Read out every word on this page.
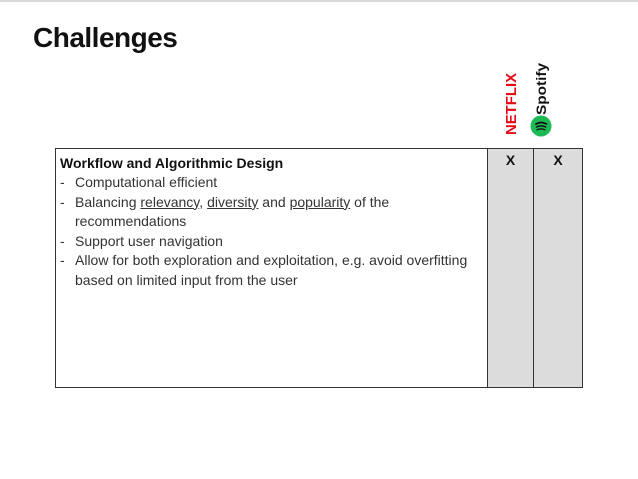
Challenges
NETFLIX Spotify
Workflow and Algorithmic Design
- Computational efficient
- Balancing relevancy, diversity and popularity of the recommendations
- Support user navigation
- Allow for both exploration and exploitation, e.g. avoid overfitting based on limited input from the user
X	X
